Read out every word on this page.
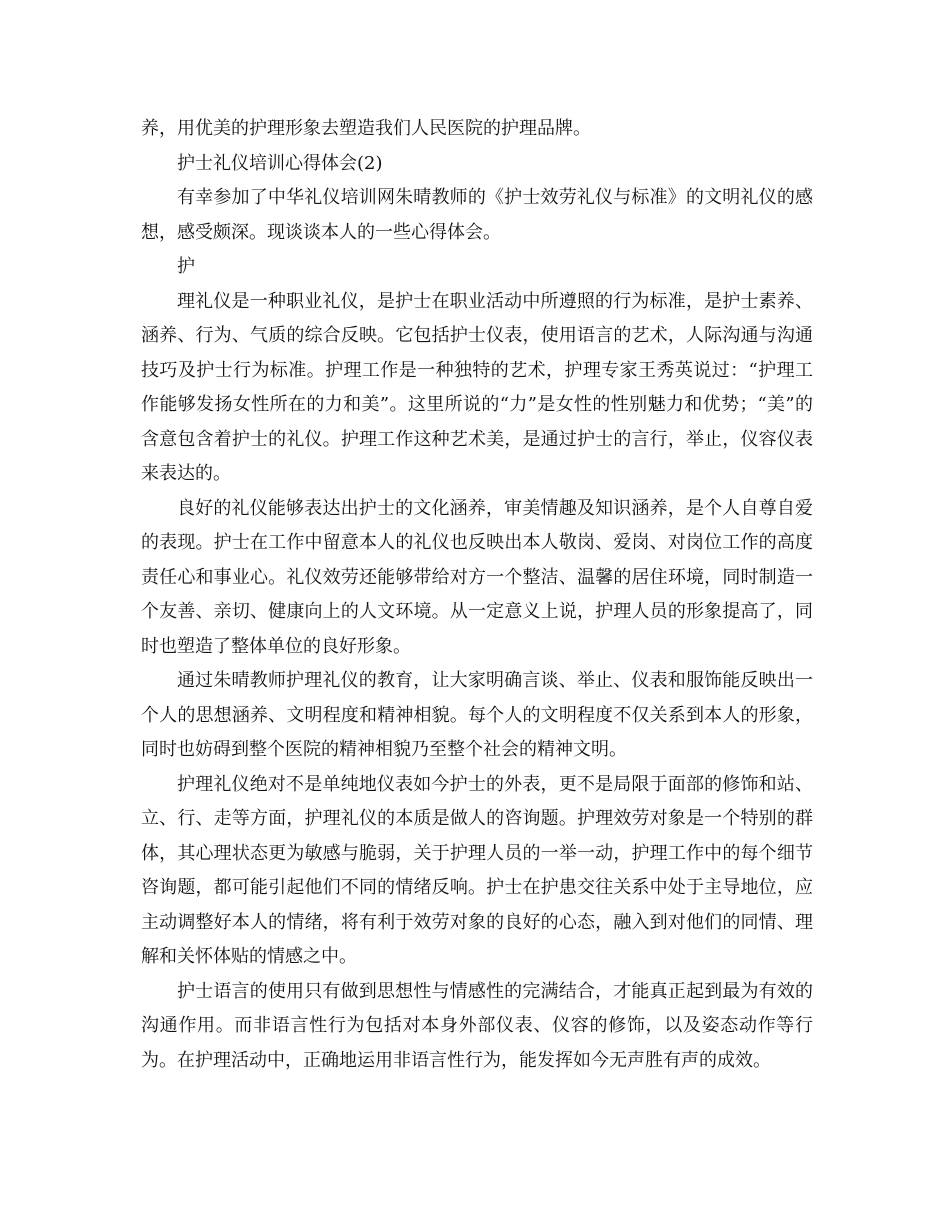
养，用优美的护理形象去塑造我们人民医院的护理品牌。

护士礼仪培训心得体会(2)

有幸参加了中华礼仪培训网朱晴教师的《护士效劳礼仪与标准》的文明礼仪的感想，感受颇深。现谈谈本人的一些心得体会。

护

理礼仪是一种职业礼仪，是护士在职业活动中所遵照的行为标准，是护士素养、涵养、行为、气质的综合反映。它包括护士仪表，使用语言的艺术，人际沟通与沟通技巧及护士行为标准。护理工作是一种独特的艺术，护理专家王秀英说过：“护理工作能够发扬女性所在的力和美”。这里所说的“力”是女性的性别魅力和优势；“美”的含意包含着护士的礼仪。护理工作这种艺术美，是通过护士的言行，举止，仪容仪表来表达的。

良好的礼仪能够表达出护士的文化涵养，审美情趣及知识涵养，是个人自尊自爱的表现。护士在工作中留意本人的礼仪也反映出本人敬岗、爱岗、对岗位工作的高度责任心和事业心。礼仪效劳还能够带给对方一个整洁、温馨的居住环境，同时制造一个友善、亲切、健康向上的人文环境。从一定意义上说，护理人员的形象提高了，同时也塑造了整体单位的良好形象。

通过朱晴教师护理礼仪的教育，让大家明确言谈、举止、仪表和服饰能反映出一个人的思想涵养、文明程度和精神相貌。每个人的文明程度不仅关系到本人的形象，同时也妨碍到整个医院的精神相貌乃至整个社会的精神文明。

护理礼仪绝对不是单纯地仪表如今护士的外表，更不是局限于面部的修饰和站、立、行、走等方面，护理礼仪的本质是做人的咨询题。护理效劳对象是一个特别的群体，其心理状态更为敏感与脆弱，关于护理人员的一举一动，护理工作中的每个细节咨询题，都可能引起他们不同的情绪反响。护士在护患交往关系中处于主导地位，应主动调整好本人的情绪，将有利于效劳对象的良好的心态，融入到对他们的同情、理解和关怀体贴的情感之中。

护士语言的使用只有做到思想性与情感性的完满结合，才能真正起到最为有效的沟通作用。而非语言性行为包括对本身外部仪表、仪容的修饰，以及姿态动作等行为。在护理活动中，正确地运用非语言性行为，能发挥如今无声胜有声的成效。
